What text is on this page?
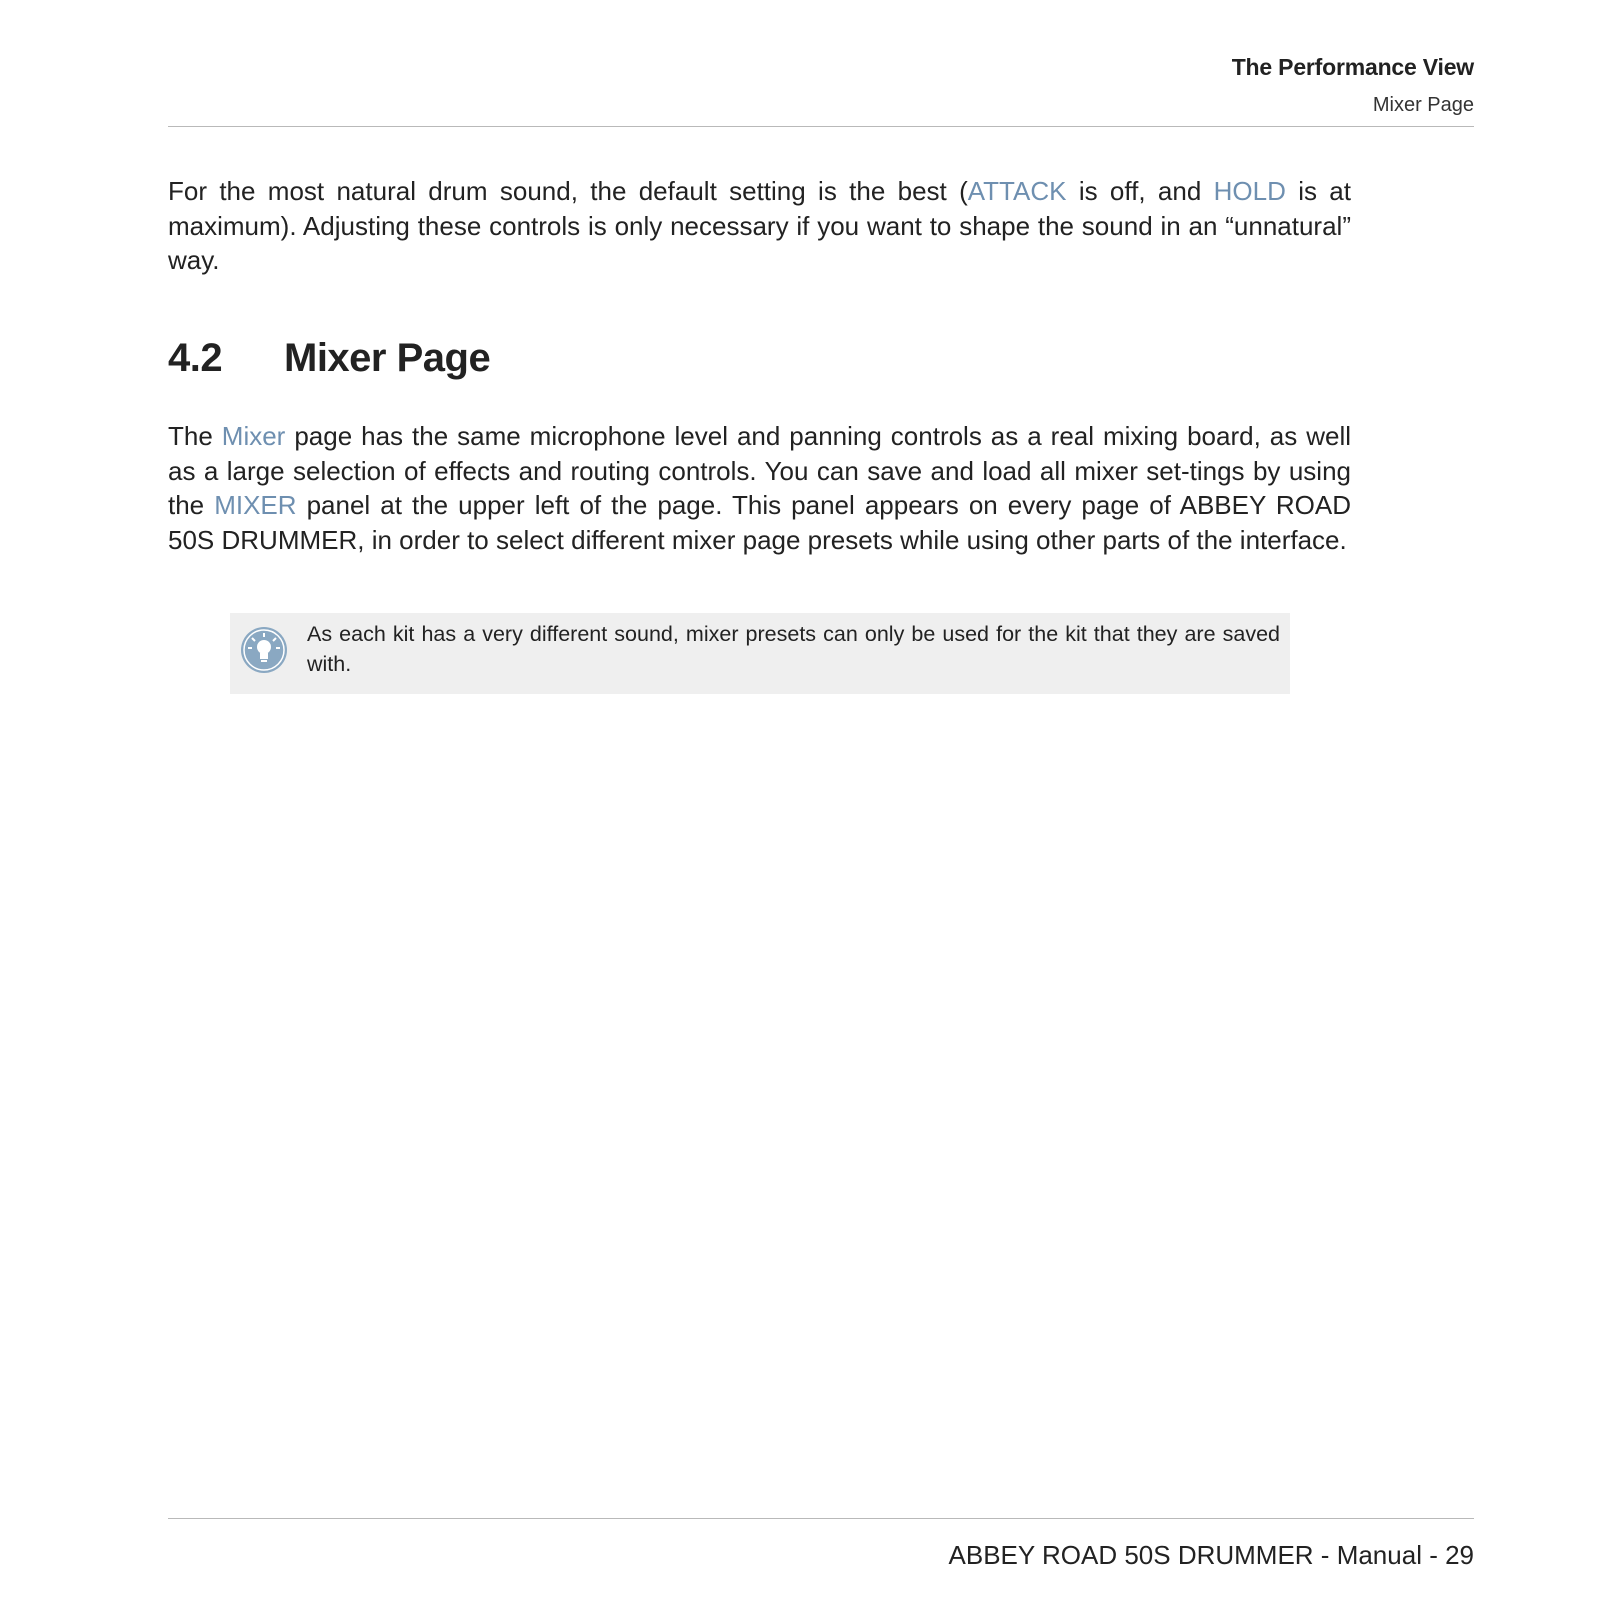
The Performance View
Mixer Page

For the most natural drum sound, the default setting is the best (ATTACK is off, and HOLD is at maximum). Adjusting these controls is only necessary if you want to shape the sound in an “unnatural” way.

4.2 Mixer Page

The Mixer page has the same microphone level and panning controls as a real mixing board, as well as a large selection of effects and routing controls. You can save and load all mixer set-tings by using the MIXER panel at the upper left of the page. This panel appears on every page of ABBEY ROAD 50S DRUMMER, in order to select different mixer page presets while using other parts of the interface.

As each kit has a very different sound, mixer presets can only be used for the kit that they are saved with.

ABBEY ROAD 50S DRUMMER - Manual - 29
